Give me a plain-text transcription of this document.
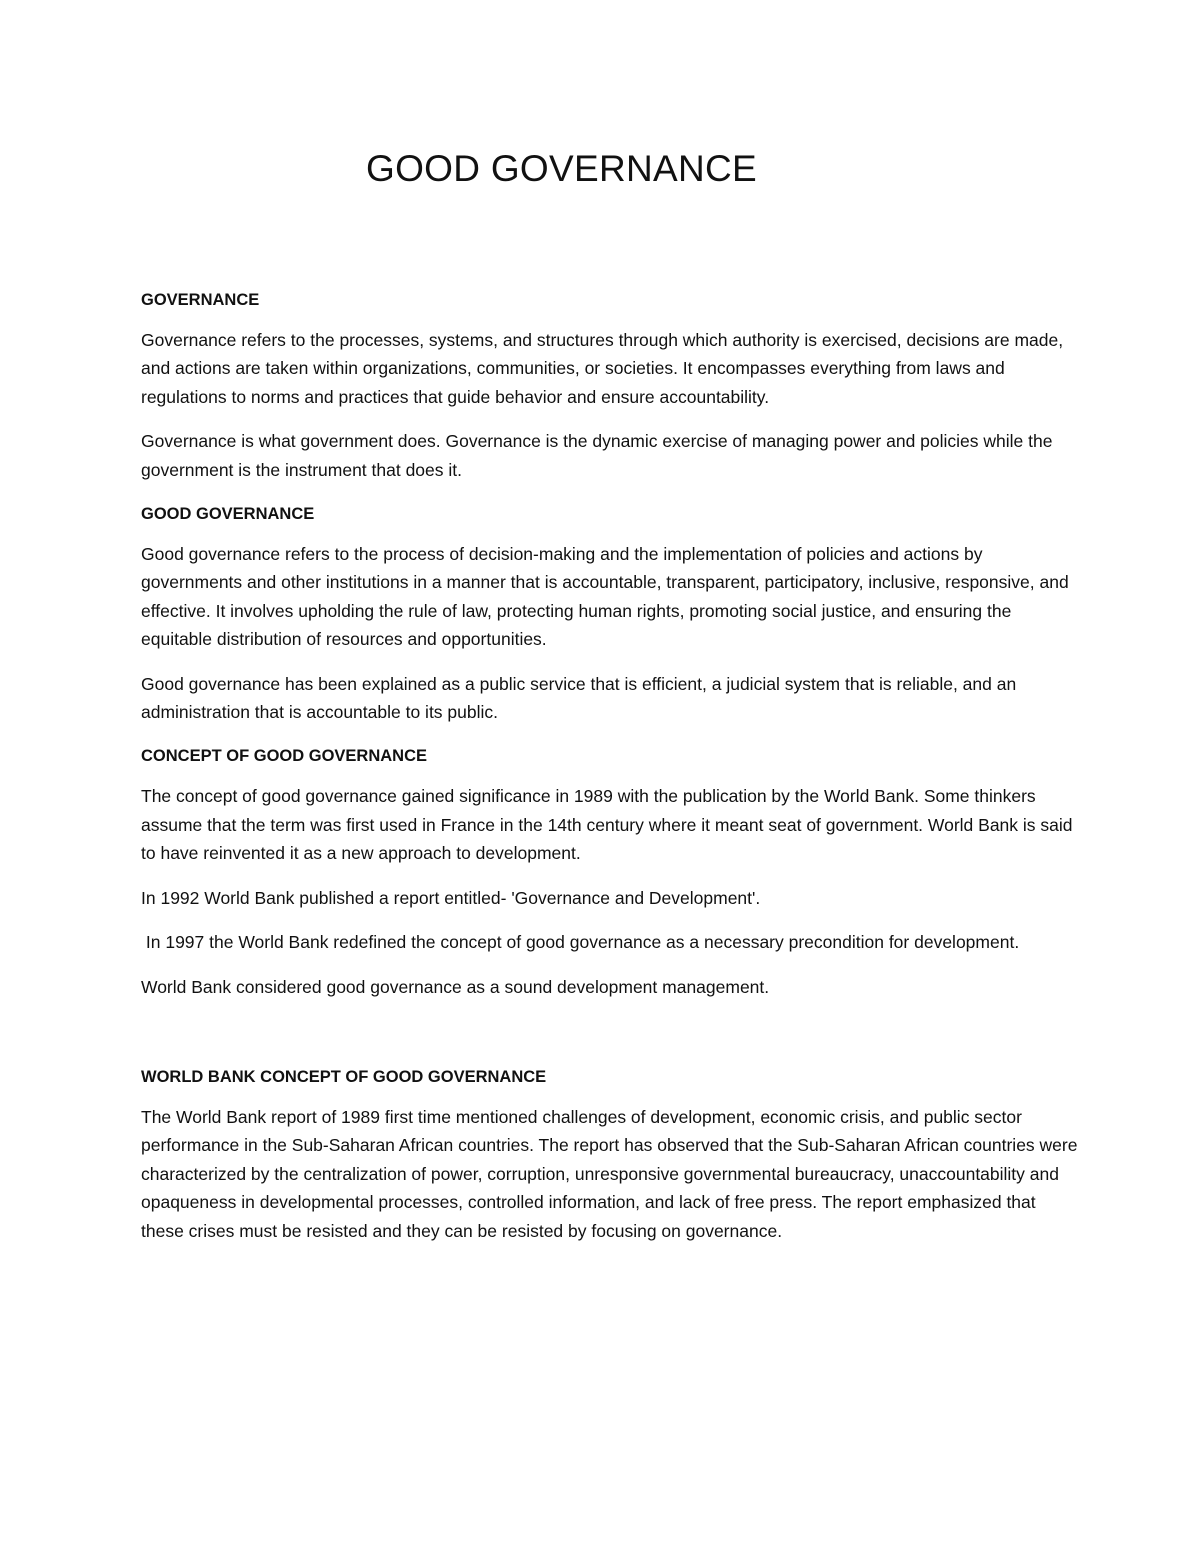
GOOD GOVERNANCE
GOVERNANCE

Governance refers to the processes, systems, and structures through which authority is exercised, decisions are made, and actions are taken within organizations, communities, or societies. It encompasses everything from laws and regulations to norms and practices that guide behavior and ensure accountability.

Governance is what government does. Governance is the dynamic exercise of managing power and policies while the government is the instrument that does it.

GOOD GOVERNANCE

Good governance refers to the process of decision-making and the implementation of policies and actions by governments and other institutions in a manner that is accountable, transparent, participatory, inclusive, responsive, and effective. It involves upholding the rule of law, protecting human rights, promoting social justice, and ensuring the equitable distribution of resources and opportunities.

Good governance has been explained as a public service that is efficient, a judicial system that is reliable, and an administration that is accountable to its public.

CONCEPT OF GOOD GOVERNANCE

The concept of good governance gained significance in 1989 with the publication by the World Bank. Some thinkers assume that the term was first used in France in the 14th century where it meant seat of government. World Bank is said to have reinvented it as a new approach to development.

In 1992 World Bank published a report entitled- 'Governance and Development'.

In 1997 the World Bank redefined the concept of good governance as a necessary precondition for development.

World Bank considered good governance as a sound development management.

WORLD BANK CONCEPT OF GOOD GOVERNANCE

The World Bank report of 1989 first time mentioned challenges of development, economic crisis, and public sector performance in the Sub-Saharan African countries. The report has observed that the Sub-Saharan African countries were characterized by the centralization of power, corruption, unresponsive governmental bureaucracy, unaccountability and opaqueness in developmental processes, controlled information, and lack of free press. The report emphasized that these crises must be resisted and they can be resisted by focusing on governance.
